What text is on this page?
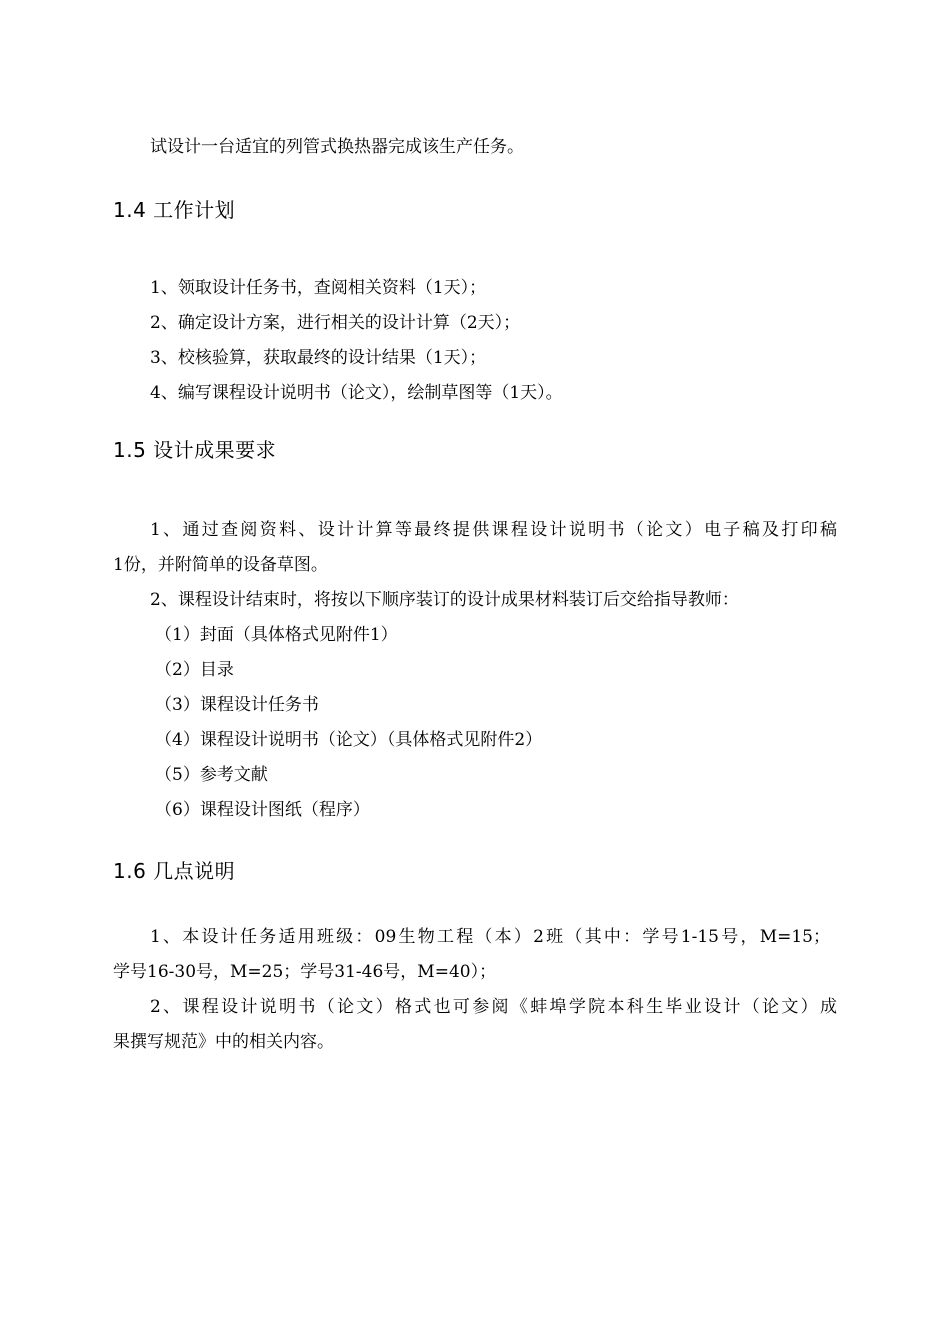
试设计一台适宜的列管式换热器完成该生产任务。
1.4 工作计划
1、领取设计任务书，查阅相关资料（1天）；
2、确定设计方案，进行相关的设计计算（2天）；
3、校核验算，获取最终的设计结果（1天）；
4、编写课程设计说明书（论文），绘制草图等（1天）。
1.5 设计成果要求
1、通过查阅资料、设计计算等最终提供课程设计说明书（论文）电子稿及打印稿
1份，并附简单的设备草图。
2、课程设计结束时，将按以下顺序装订的设计成果材料装订后交给指导教师：
（1）封面（具体格式见附件1）
（2）目录
（3）课程设计任务书
（4）课程设计说明书（论文）（具体格式见附件2）
（5）参考文献
（6）课程设计图纸（程序）
1.6 几点说明
1、本设计任务适用班级：09生物工程（本）2班（其中：学号1-15号，M=15；
学号16-30号，M=25；学号31-46号，M=40）；
2、课程设计说明书（论文）格式也可参阅《蚌埠学院本科生毕业设计（论文）成
果撰写规范》中的相关内容。
